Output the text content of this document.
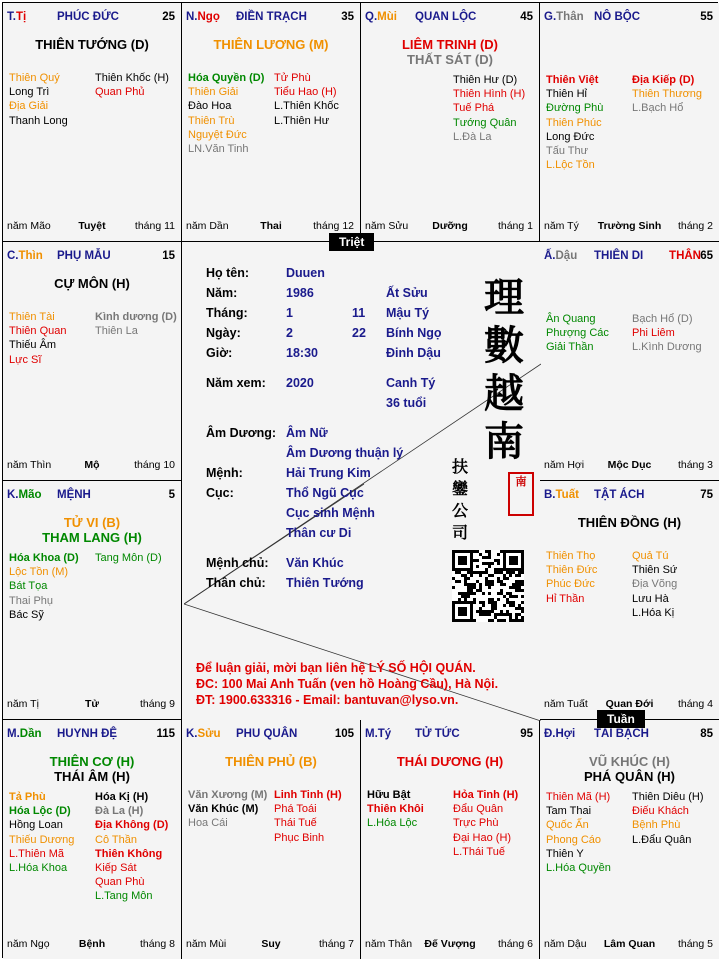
T.Tị	PHÚC ĐỨC	25
THIÊN TƯỚNG (D)
Thiên Quý
Long Trì
Địa Giải
Thanh Long
Thiên Khốc (H)
Quan Phủ
năm Mão	Tuyệt	tháng 11
N.Ngọ ĐIỀN TRẠCH	35
THIÊN LƯƠNG (M)
Hóa Quyền (D)
Thiên Giải
Đào Hoa
Thiên Trù
Nguyệt Đức
LN.Văn Tinh
Tử Phù
Tiểu Hao (H)
L.Thiên Khốc
L.Thiên Hư
năm Dần	Thai	tháng 12
Q.Mùi QUAN LỘC	45
LIÊM TRINH (D)
THẤT SÁT (D)
Thiên Hư (D)
Thiên Hình (H)
Tuế Phá
Tướng Quân
L.Đà La
năm Sửu	Dưỡng	tháng 1
G.Thân NÔ BỘC	55
Thiên Việt
Thiên Hỉ
Đường Phù
Thiên Phúc
Long Đức
Tấu Thư
L.Lộc Tồn
Địa Kiếp (D)
Thiên Thương
L.Bạch Hổ
năm Tý	Trường Sinh	tháng 2
C.Thìn PHỤ MẪU	15
CỰ MÔN (H)
Thiên Tài
Thiên Quan
Thiếu Âm
Lực Sĩ
Kình dương (D)
Thiên La
năm Thìn	Mộ	tháng 10
Ấ.Dậu THIÊN DI THÂN 65
Ân Quang
Phượng Các
Giải Thần
Bạch Hổ (D)
Phi Liêm
L.Kình Dương
năm Hợi	Mộc Dục	tháng 3
K.Mão MỆNH	5
TỬ VI (B)
THAM LANG (H)
Hóa Khoa (D)
Lộc Tồn (M)
Bát Tọa
Thai Phụ
Bác Sỹ
Tang Môn (D)
năm Tị	Tử	tháng 9
B.Tuất TẬT ÁCH	75
THIÊN ĐỒNG (H)
Thiên Thọ
Thiên Đức
Phúc Đức
Hỉ Thần
Quả Tú
Thiên Sứ
Địa Võng
Lưu Hà
L.Hóa Kị
năm Tuất	Quan Đới	tháng 4
M.Dần HUYNH ĐỆ	115
THIÊN CƠ (H)
THÁI ÂM (H)
Tả Phù
Hóa Lộc (D)
Hồng Loan
Thiếu Dương
L.Thiên Mã
L.Hóa Khoa
Hóa Kị (H)
Đà La (H)
Địa Không (D)
Cô Thần
Thiên Không
Kiếp Sát
Quan Phù
L.Tang Môn
năm Ngọ	Bệnh	tháng 8
K.Sửu PHU QUÂN	105
THIÊN PHỦ (B)
Văn Xương (M)
Văn Khúc (M)
Hoa Cái
Linh Tinh (H)
Phá Toái
Thái Tuế
Phục Binh
năm Mùi	Suy	tháng 7
M.Tý TỬ TỨC	95
THÁI DƯƠNG (H)
Hữu Bật
Thiên Khôi
L.Hóa Lộc
Hỏa Tinh (H)
Đẩu Quân
Trực Phù
Đại Hao (H)
L.Thái Tuế
năm Thân	Đế Vượng	tháng 6
Đ.Hợi TÀI BẠCH	85
VŨ KHÚC (H)
PHÁ QUÂN (H)
Thiên Mã (H)
Tam Thai
Quốc Ấn
Phong Cáo
Thiên Y
L.Hóa Quyền
Thiên Diêu (H)
Điếu Khách
Bệnh Phù
L.Đẩu Quân
năm Dậu	Lâm Quan	tháng 5
Họ tên:	Duuen
Năm:	1986	Ất Sửu
Tháng:	1	11 Mậu Tý
Ngày:	2	22 Bính Ngọ
Giờ:	18:30	Đinh Dậu
Năm xem: 2020	Canh Tý
36 tuổi
Âm Dương: Âm Nữ
Âm Dương thuận lý
Mệnh:	Hải Trung Kim
Cục:	Thổ Ngũ Cục
Cục sinh Mệnh
Thân cư Di
Mệnh chủ: Văn Khúc
Thân chủ: Thiên Tướng
理
數
越
南
扶
鑾
公
司
南
Để luận giải, mời bạn liên hệ LÝ SỐ HỘI QUÁN.
ĐC: 100 Mai Anh Tuấn (ven hồ Hoàng Cầu), Hà Nội.
ĐT: 1900.633316 - Email: bantuvan@lyso.vn.
Triệt
Tuần
